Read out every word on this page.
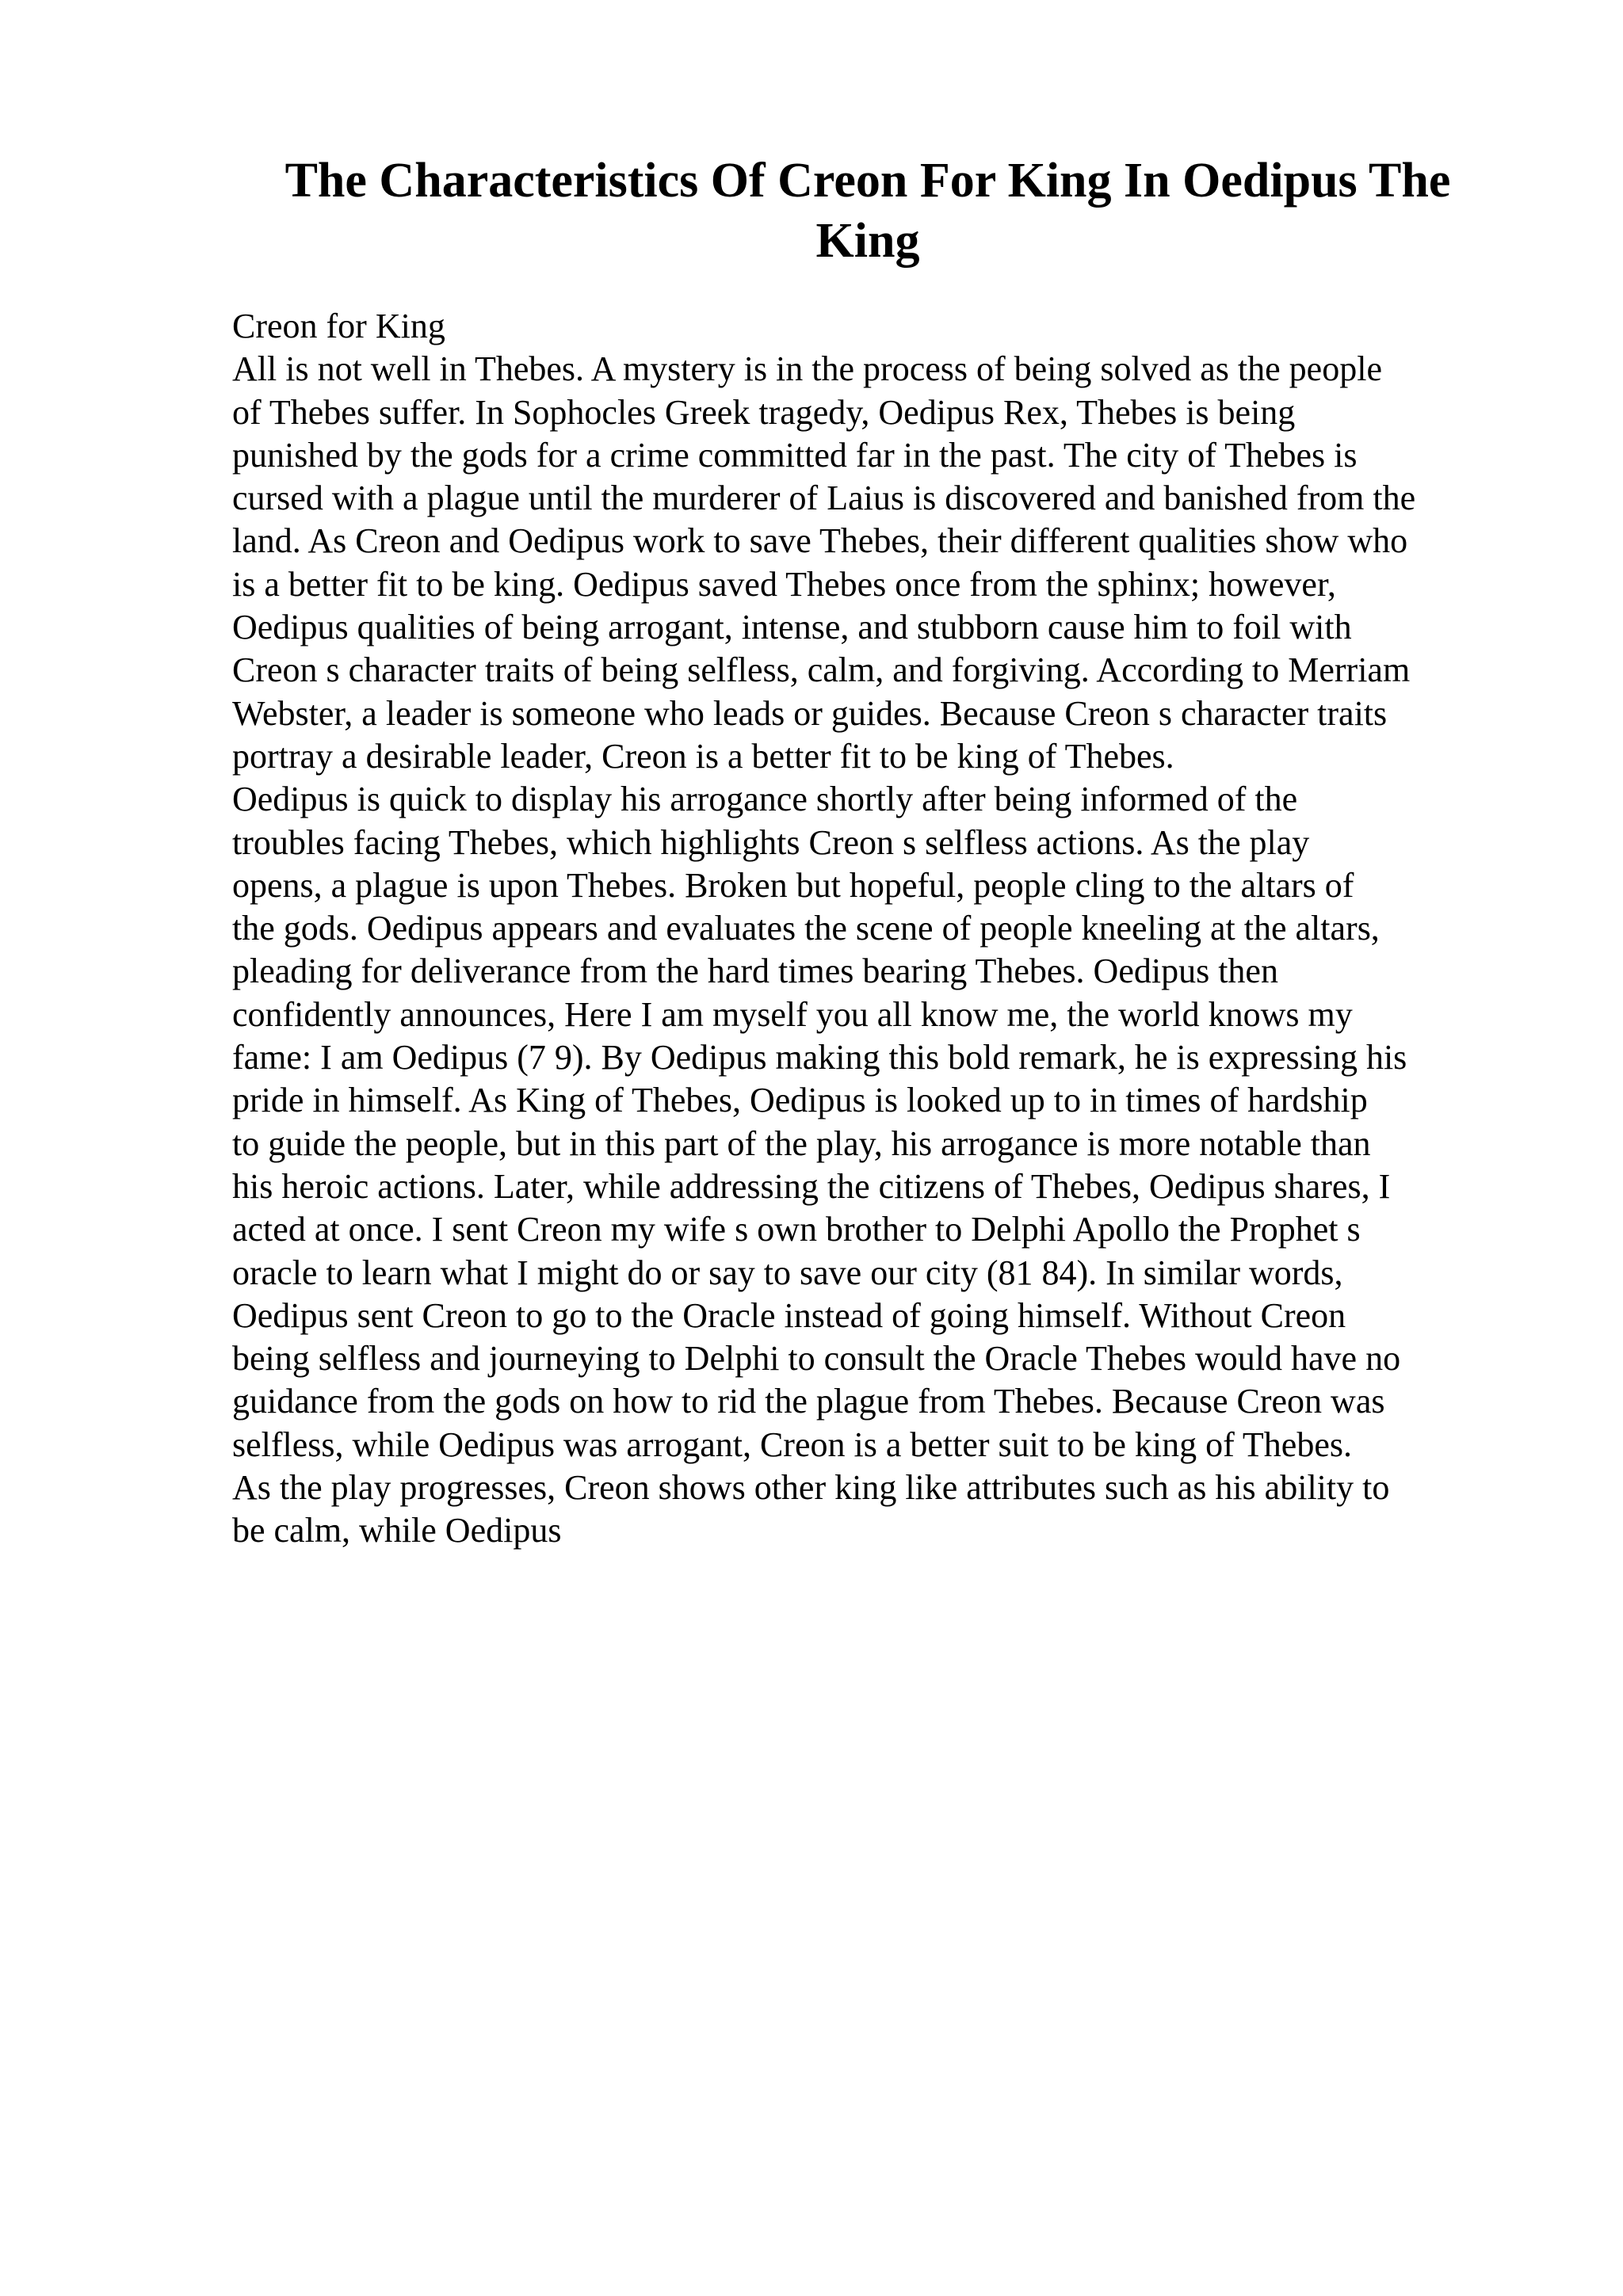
The Characteristics Of Creon For King In Oedipus The King
Creon for King
All is not well in Thebes. A mystery is in the process of being solved as the people
of Thebes suffer. In Sophocles Greek tragedy, Oedipus Rex, Thebes is being
punished by the gods for a crime committed far in the past. The city of Thebes is
cursed with a plague until the murderer of Laius is discovered and banished from the
land. As Creon and Oedipus work to save Thebes, their different qualities show who
is a better fit to be king. Oedipus saved Thebes once from the sphinx; however,
Oedipus qualities of being arrogant, intense, and stubborn cause him to foil with
Creon s character traits of being selfless, calm, and forgiving. According to Merriam
Webster, a leader is someone who leads or guides. Because Creon s character traits
portray a desirable leader, Creon is a better fit to be king of Thebes.
Oedipus is quick to display his arrogance shortly after being informed of the
troubles facing Thebes, which highlights Creon s selfless actions. As the play
opens, a plague is upon Thebes. Broken but hopeful, people cling to the altars of
the gods. Oedipus appears and evaluates the scene of people kneeling at the altars,
pleading for deliverance from the hard times bearing Thebes. Oedipus then
confidently announces, Here I am myself you all know me, the world knows my
fame: I am Oedipus (7 9). By Oedipus making this bold remark, he is expressing his
pride in himself. As King of Thebes, Oedipus is looked up to in times of hardship
to guide the people, but in this part of the play, his arrogance is more notable than
his heroic actions. Later, while addressing the citizens of Thebes, Oedipus shares, I
acted at once. I sent Creon my wife s own brother to Delphi Apollo the Prophet s
oracle to learn what I might do or say to save our city (81 84). In similar words,
Oedipus sent Creon to go to the Oracle instead of going himself. Without Creon
being selfless and journeying to Delphi to consult the Oracle Thebes would have no
guidance from the gods on how to rid the plague from Thebes. Because Creon was
selfless, while Oedipus was arrogant, Creon is a better suit to be king of Thebes.
As the play progresses, Creon shows other king like attributes such as his ability to
be calm, while Oedipus
